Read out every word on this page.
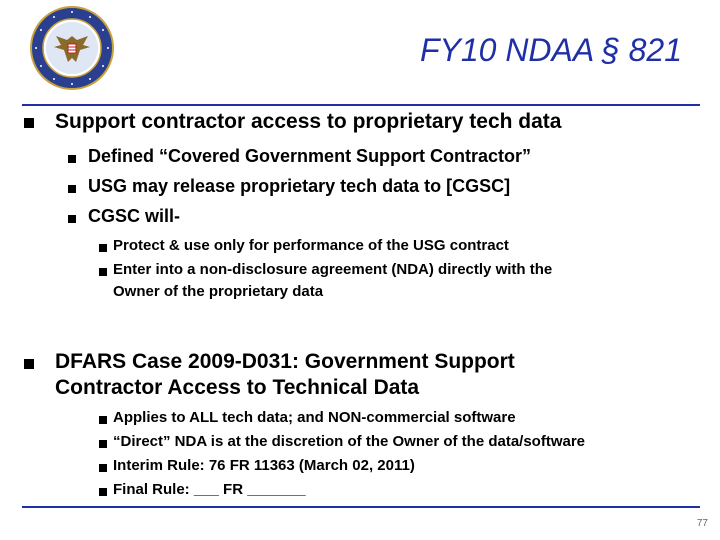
FY10 NDAA § 821
Support contractor access to proprietary tech data
Defined “Covered Government Support Contractor”
USG may release proprietary tech data to [CGSC]
CGSC will-
Protect & use only for performance of the USG contract
Enter into a non-disclosure agreement (NDA) directly with the
Owner of the proprietary data
DFARS Case 2009-D031: Government Support
Contractor Access to Technical Data
Applies to ALL tech data; and NON-commercial software
“Direct” NDA is at the discretion of the Owner of the data/software
Interim Rule: 76 FR 11363 (March 02, 2011)
Final Rule: ___ FR _______
77
